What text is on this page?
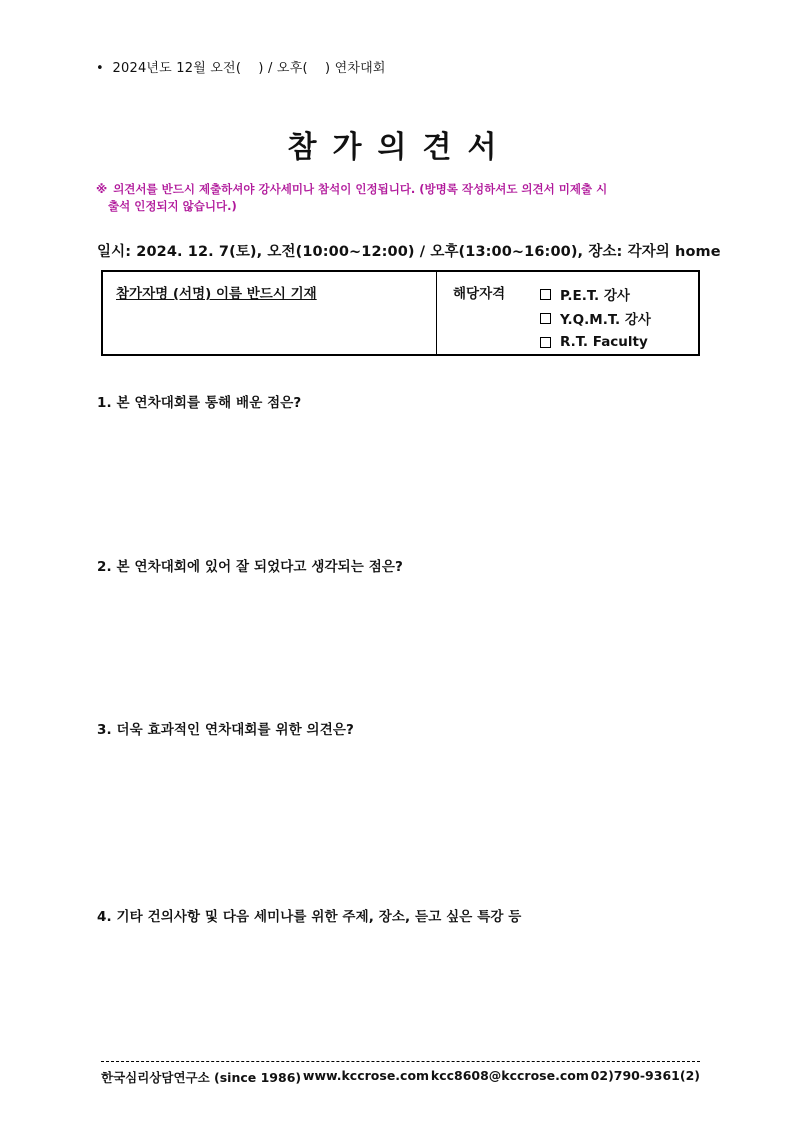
•  2024년도 12월 오전(    ) / 오후(    ) 연차대회
참가의견서
※ 의견서를 반드시 제출하셔야 강사세미나 참석이 인정됩니다. (방명록 작성하셔도 의견서 미제출 시
출석 인정되지 않습니다.)
일시: 2024. 12. 7(토), 오전(10:00~12:00) / 오후(13:00~16:00), 장소: 각자의 home
참가자명 (서명) 이름 반드시 기재	해당자격	P.E.T. 강사
Y.Q.M.T. 강사
R.T. Faculty
1. 본 연차대회를 통해 배운 점은?
2. 본 연차대회에 있어 잘 되었다고 생각되는 점은?
3. 더욱 효과적인 연차대회를 위한 의견은?
4. 기타 건의사항 및 다음 세미나를 위한 주제, 장소, 듣고 싶은 특강 등
한국심리상담연구소 (since 1986) www.kccrose.com kcc8608@kccrose.com 02)790-9361(2)
